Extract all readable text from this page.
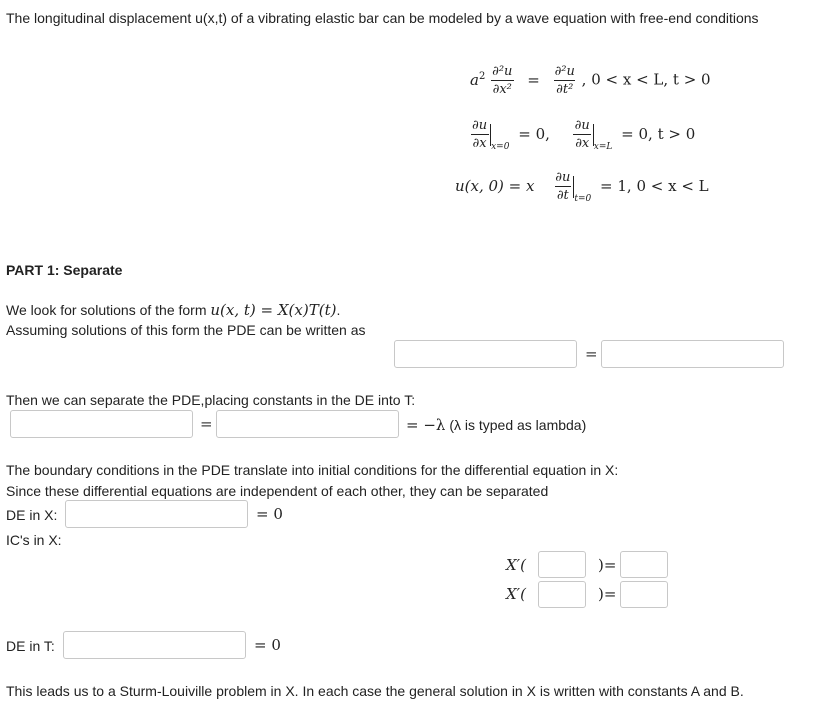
The longitudinal displacement u(x,t) of a vibrating elastic bar can be modeled by a wave equation with free-end conditions
$a^2 \frac{\text{∂²u}}{\text{∂x²}} = \frac{\text{∂²u}}{\text{∂t²}}$ , 0 < x < L, t > 0
$\frac{\partial u}{\partial x} _{x=0} = 0$, $\frac{\partial u}{\partial x} _{x=L} = 0$, t > 0
u(x, 0) = x $\frac{\partial u}{\partial t} _{t=0} = 1$, 0 < x < L
PART 1: Separate
We look for solutions of the form u(x, t) = X(x)T(t).
Assuming solutions of this form the PDE can be written as
=
Then we can separate the PDE,placing constants in the DE into T:
=	= −λ (λ is typed as lambda)
The boundary conditions in the PDE translate into initial conditions for the differential equation in X:
Since these differential equations are independent of each other, they can be separated
DE in X:	= 0
IC's in X:
X′(	)=
X′(	)=
DE in T:	= 0
This leads us to a Sturm-Louiville problem in X. In each case the general solution in X is written with constants A and B.
